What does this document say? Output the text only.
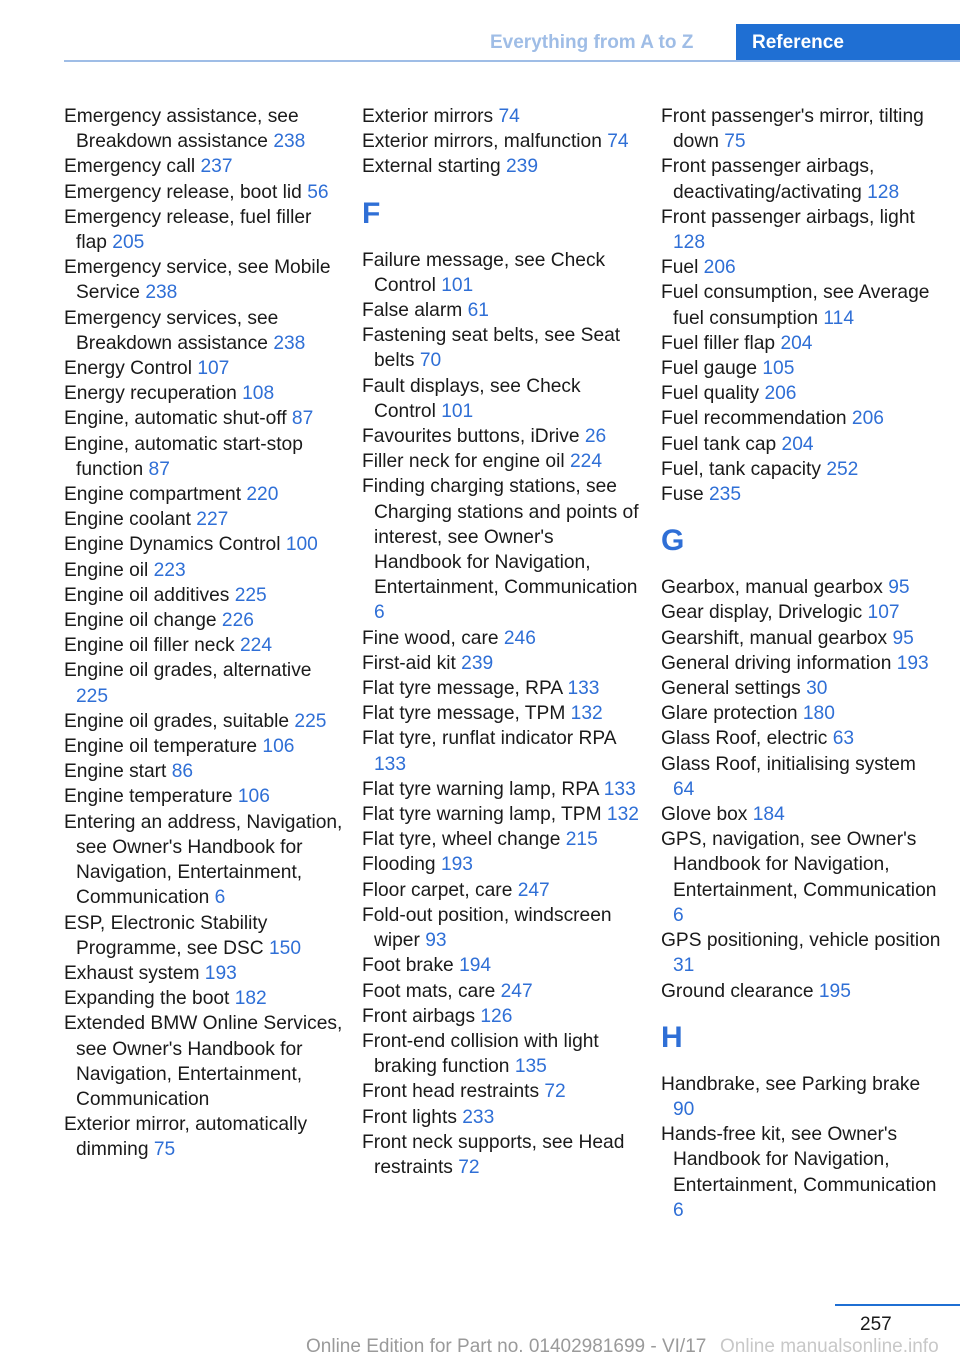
Everything from A to Z	Reference
Emergency assistance, see Breakdown assistance 238
Emergency call 237
Emergency release, boot lid 56
Emergency release, fuel filler flap 205
Emergency service, see Mobile Service 238
Emergency services, see Breakdown assistance 238
Energy Control 107
Energy recuperation 108
Engine, automatic shut-off 87
Engine, automatic start-stop function 87
Engine compartment 220
Engine coolant 227
Engine Dynamics Control 100
Engine oil 223
Engine oil additives 225
Engine oil change 226
Engine oil filler neck 224
Engine oil grades, alternative 225
Engine oil grades, suitable 225
Engine oil temperature 106
Engine start 86
Engine temperature 106
Entering an address, Navigation, see Owner's Handbook for Navigation, Entertainment, Communication 6
ESP, Electronic Stability Programme, see DSC 150
Exhaust system 193
Expanding the boot 182
Extended BMW Online Services, see Owner's Handbook for Navigation, Entertainment, Communication
Exterior mirror, automatically dimming 75
Exterior mirrors 74
Exterior mirrors, malfunction 74
External starting 239
F
Failure message, see Check Control 101
False alarm 61
Fastening seat belts, see Seat belts 70
Fault displays, see Check Control 101
Favourites buttons, iDrive 26
Filler neck for engine oil 224
Finding charging stations, see Charging stations and points of interest, see Owner's Handbook for Navigation, Entertainment, Communication 6
Fine wood, care 246
First-aid kit 239
Flat tyre message, RPA 133
Flat tyre message, TPM 132
Flat tyre, runflat indicator RPA 133
Flat tyre warning lamp, RPA 133
Flat tyre warning lamp, TPM 132
Flat tyre, wheel change 215
Flooding 193
Floor carpet, care 247
Fold-out position, windscreen wiper 93
Foot brake 194
Foot mats, care 247
Front airbags 126
Front-end collision with light braking function 135
Front head restraints 72
Front lights 233
Front neck supports, see Head restraints 72
Front passenger's mirror, tilting down 75
Front passenger airbags, deactivating/activating 128
Front passenger airbags, light 128
Fuel 206
Fuel consumption, see Average fuel consumption 114
Fuel filler flap 204
Fuel gauge 105
Fuel quality 206
Fuel recommendation 206
Fuel tank cap 204
Fuel, tank capacity 252
Fuse 235
G
Gearbox, manual gearbox 95
Gear display, Drivelogic 107
Gearshift, manual gearbox 95
General driving information 193
General settings 30
Glare protection 180
Glass Roof, electric 63
Glass Roof, initialising system 64
Glove box 184
GPS, navigation, see Owner's Handbook for Navigation, Entertainment, Communication 6
GPS positioning, vehicle position 31
Ground clearance 195
H
Handbrake, see Parking brake 90
Hands-free kit, see Owner's Handbook for Navigation, Entertainment, Communication 6
257
Online Edition for Part no. 01402981699 - VI/17 Online manualsonline.info
